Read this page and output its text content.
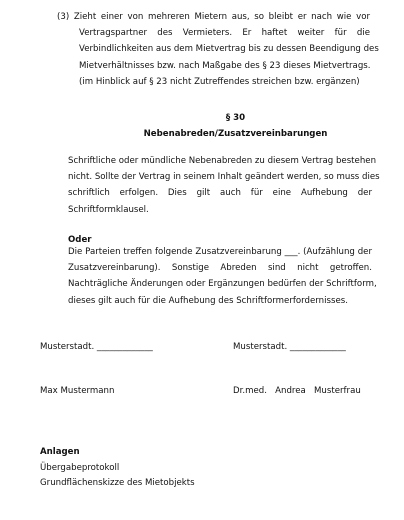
(3) Zieht einer von mehreren Mietern aus, so bleibt er nach wie vor
Vertragspartner des Vermieters. Er haftet weiter für die
Verbindlichkeiten aus dem Mietvertrag bis zu dessen Beendigung des
Mietverhältnisses bzw. nach Maßgabe des § 23 dieses Mietvertrags.
(im Hinblick auf § 23 nicht Zutreffendes streichen bzw. ergänzen)
§ 30
Nebenabreden/Zusatzvereinbarungen
Schriftliche oder mündliche Nebenabreden zu diesem Vertrag bestehen
nicht. Sollte der Vertrag in seinem Inhalt geändert werden, so muss dies
schriftlich erfolgen. Dies gilt auch für eine Aufhebung der
Schriftformklausel.
Oder
Die Parteien treffen folgende Zusatzvereinbarung ___. (Aufzählung der
Zusatzvereinbarung). Sonstige Abreden sind nicht getroffen.
Nachträgliche Änderungen oder Ergänzungen bedürfen der Schriftform,
dieses gilt auch für die Aufhebung des Schriftformerfordernisses.
Musterstadt. _____________	Musterstadt. _____________
Max Mustermann	Dr.med.   Andrea   Musterfrau
Anlagen
Übergabeprotokoll
Grundflächenskizze des Mietobjekts
